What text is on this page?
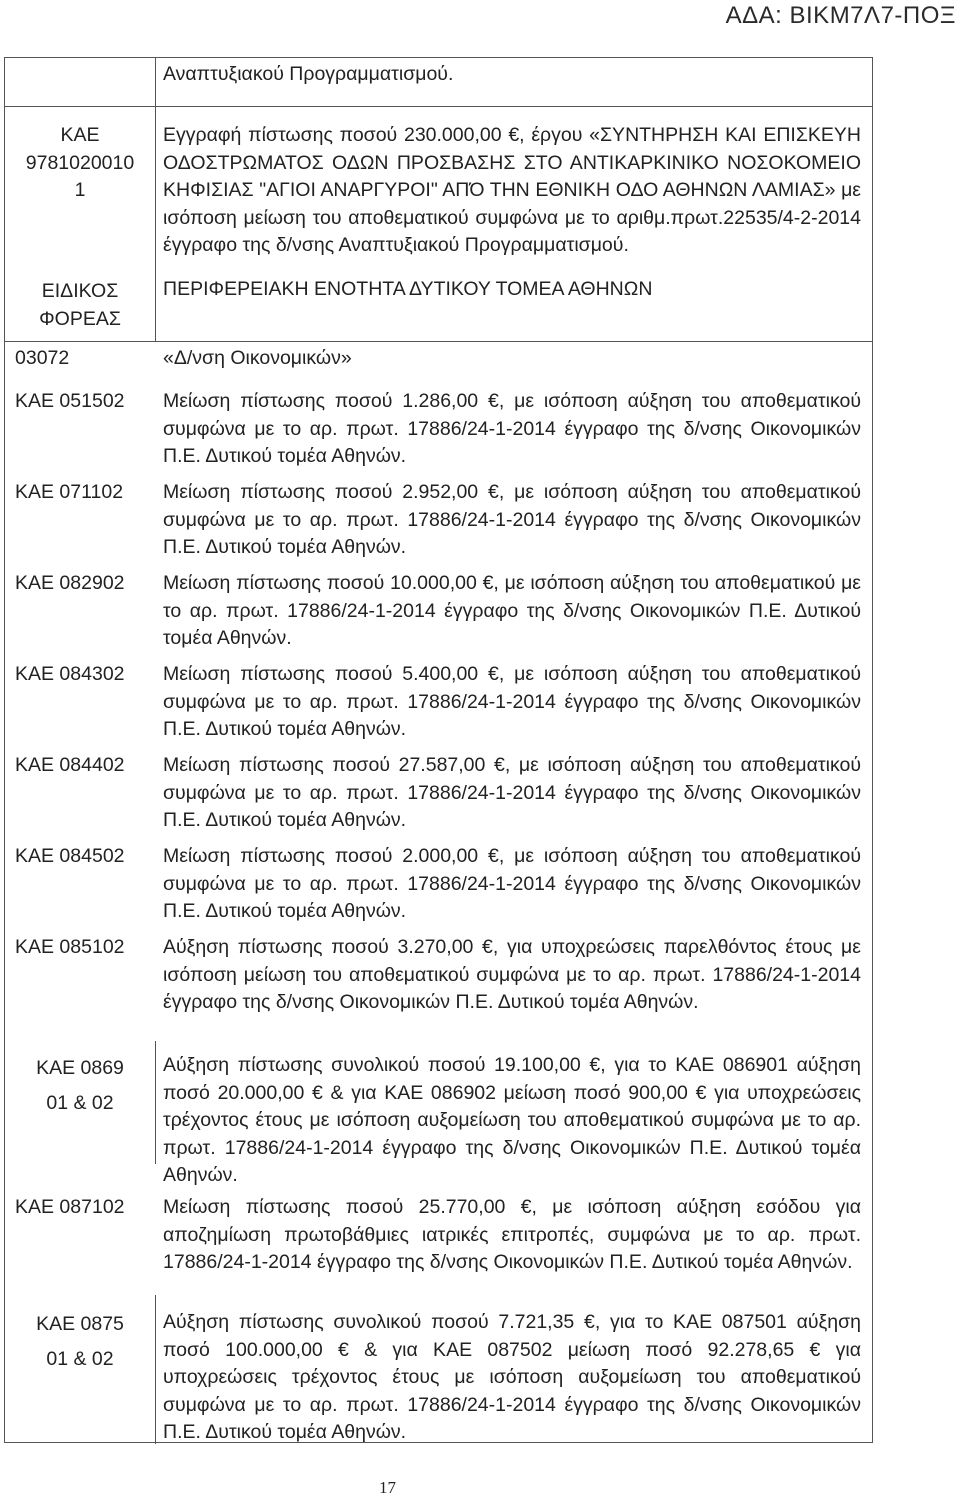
ΑΔΑ: ΒΙΚΜ7Λ7-ΠΟΞ
Αναπτυξιακού Προγραμματισμού.
ΚΑΕ
9781020010
1
Εγγραφή πίστωσης ποσού 230.000,00 €, έργου «ΣΥΝΤΗΡΗΣΗ ΚΑΙ ΕΠΙΣΚΕΥΗ ΟΔΟΣΤΡΩΜΑΤΟΣ ΟΔΩΝ ΠΡΟΣΒΑΣΗΣ ΣΤΟ ΑΝΤΙΚΑΡΚΙΝΙΚΟ ΝΟΣΟΚΟΜΕΙΟ ΚΗΦΙΣΙΑΣ "ΑΓΙΟΙ ΑΝΑΡΓΥΡΟΙ" ΑΠΌ ΤΗΝ ΕΘΝΙΚΗ ΟΔΟ ΑΘΗΝΩΝ ΛΑΜΙΑΣ» με ισόποση μείωση του αποθεματικού συμφώνα με το αριθμ.πρωτ.22535/4-2-2014 έγγραφο της δ/νσης Αναπτυξιακού Προγραμματισμού.
ΕΙΔΙΚΟΣ
ΦΟΡΕΑΣ
ΠΕΡΙΦΕΡΕΙΑΚΗ ΕΝΟΤΗΤΑ ΔΥΤΙΚΟΥ ΤΟΜΕΑ ΑΘΗΝΩΝ
03072	«Δ/νση Οικονομικών»
ΚΑΕ 051502 Μείωση πίστωσης ποσού 1.286,00 €, με ισόποση αύξηση του αποθεματικού συμφώνα με το αρ. πρωτ. 17886/24-1-2014 έγγραφο της δ/νσης Οικονομικών Π.Ε. Δυτικού τομέα Αθηνών.
ΚΑΕ 071102 Μείωση πίστωσης ποσού 2.952,00 €, με ισόποση αύξηση του αποθεματικού συμφώνα με το αρ. πρωτ. 17886/24-1-2014 έγγραφο της δ/νσης Οικονομικών Π.Ε. Δυτικού τομέα Αθηνών.
ΚΑΕ 082902 Μείωση πίστωσης ποσού 10.000,00 €, με ισόποση αύξηση του αποθεματικού με το αρ. πρωτ. 17886/24-1-2014 έγγραφο της δ/νσης Οικονομικών Π.Ε. Δυτικού τομέα Αθηνών.
ΚΑΕ 084302 Μείωση πίστωσης ποσού 5.400,00 €, με ισόποση αύξηση του αποθεματικού συμφώνα με το αρ. πρωτ. 17886/24-1-2014 έγγραφο της δ/νσης Οικονομικών Π.Ε. Δυτικού τομέα Αθηνών.
ΚΑΕ 084402 Μείωση πίστωσης ποσού 27.587,00 €, με ισόποση αύξηση του αποθεματικού συμφώνα με το αρ. πρωτ. 17886/24-1-2014 έγγραφο της δ/νσης Οικονομικών Π.Ε. Δυτικού τομέα Αθηνών.
ΚΑΕ 084502 Μείωση πίστωσης ποσού 2.000,00 €, με ισόποση αύξηση του αποθεματικού συμφώνα με το αρ. πρωτ. 17886/24-1-2014 έγγραφο της δ/νσης Οικονομικών Π.Ε. Δυτικού τομέα Αθηνών.
ΚΑΕ 085102 Αύξηση πίστωσης ποσού 3.270,00 €, για υποχρεώσεις παρελθόντος έτους με ισόποση μείωση του αποθεματικού συμφώνα με το αρ. πρωτ. 17886/24-1-2014 έγγραφο της δ/νσης Οικονομικών Π.Ε. Δυτικού τομέα Αθηνών.
ΚΑΕ 0869
01 & 02
Αύξηση πίστωσης συνολικού ποσού 19.100,00 €, για το ΚΑΕ 086901 αύξηση ποσό 20.000,00 € & για ΚΑΕ 086902 μείωση ποσό 900,00 € για υποχρεώσεις τρέχοντος έτους με ισόποση αυξομείωση του αποθεματικού συμφώνα με το αρ. πρωτ. 17886/24-1-2014 έγγραφο της δ/νσης Οικονομικών Π.Ε. Δυτικού τομέα Αθηνών.
ΚΑΕ 087102 Μείωση πίστωσης ποσού 25.770,00 €, με ισόποση αύξηση εσόδου για αποζημίωση πρωτοβάθμιες ιατρικές επιτροπές, συμφώνα με το αρ. πρωτ. 17886/24-1-2014 έγγραφο της δ/νσης Οικονομικών Π.Ε. Δυτικού τομέα Αθηνών.
ΚΑΕ 0875
01 & 02
Αύξηση πίστωσης συνολικού ποσού 7.721,35 €, για το ΚΑΕ 087501 αύξηση ποσό 100.000,00 € & για ΚΑΕ 087502 μείωση ποσό 92.278,65 € για υποχρεώσεις τρέχοντος έτους με ισόποση αυξομείωση του αποθεματικού συμφώνα με το αρ. πρωτ. 17886/24-1-2014 έγγραφο της δ/νσης Οικονομικών Π.Ε. Δυτικού τομέα Αθηνών.
17
